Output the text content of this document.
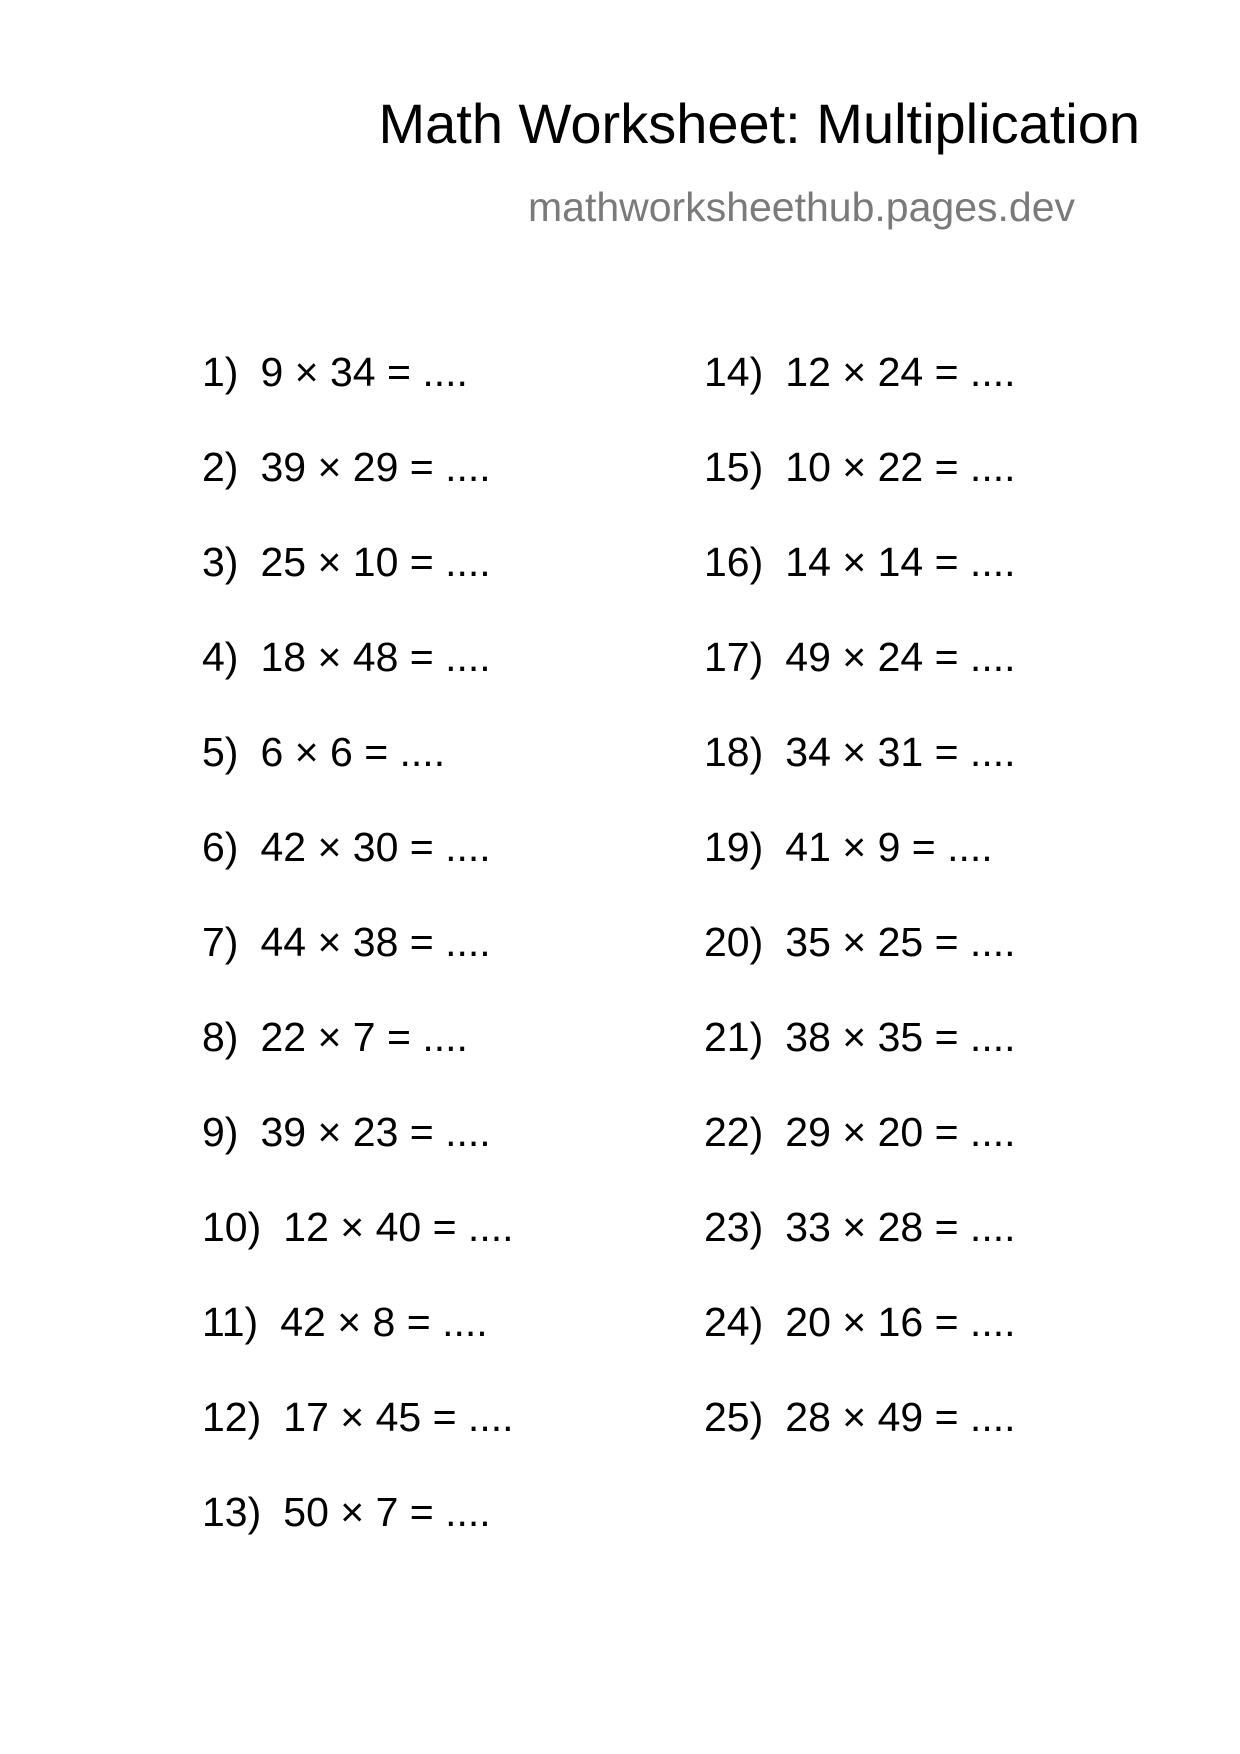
Math Worksheet: Multiplication
mathworksheethub.pages.dev
1) 9 × 34 = ....
2) 39 × 29 = ....
3) 25 × 10 = ....
4) 18 × 48 = ....
5) 6 × 6 = ....
6) 42 × 30 = ....
7) 44 × 38 = ....
8) 22 × 7 = ....
9) 39 × 23 = ....
10) 12 × 40 = ....
11) 42 × 8 = ....
12) 17 × 45 = ....
13) 50 × 7 = ....
14) 12 × 24 = ....
15) 10 × 22 = ....
16) 14 × 14 = ....
17) 49 × 24 = ....
18) 34 × 31 = ....
19) 41 × 9 = ....
20) 35 × 25 = ....
21) 38 × 35 = ....
22) 29 × 20 = ....
23) 33 × 28 = ....
24) 20 × 16 = ....
25) 28 × 49 = ....
